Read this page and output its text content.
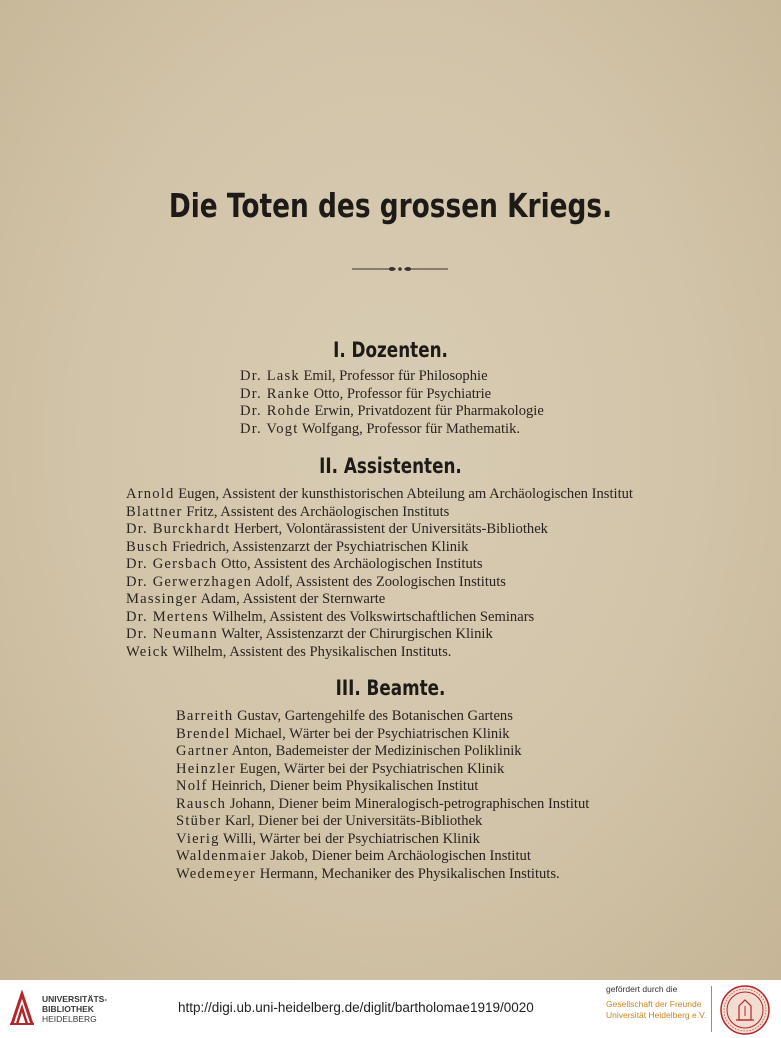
Die Toten des grossen Kriegs.
I. Dozenten.
Dr. Lask Emil, Professor für Philosophie
Dr. Ranke Otto, Professor für Psychiatrie
Dr. Rohde Erwin, Privatdozent für Pharmakologie
Dr. Vogt Wolfgang, Professor für Mathematik.
II. Assistenten.
Arnold Eugen, Assistent der kunsthistorischen Abteilung am Archäologischen Institut
Blattner Fritz, Assistent des Archäologischen Instituts
Dr. Burckhardt Herbert, Volontärassistent der Universitäts-Bibliothek
Busch Friedrich, Assistenzarzt der Psychiatrischen Klinik
Dr. Gersbach Otto, Assistent des Archäologischen Instituts
Dr. Gerwerzhagen Adolf, Assistent des Zoologischen Instituts
Massinger Adam, Assistent der Sternwarte
Dr. Mertens Wilhelm, Assistent des Volkswirtschaftlichen Seminars
Dr. Neumann Walter, Assistenzarzt der Chirurgischen Klinik
Weick Wilhelm, Assistent des Physikalischen Instituts.
III. Beamte.
Barreith Gustav, Gartengehilfe des Botanischen Gartens
Brendel Michael, Wärter bei der Psychiatrischen Klinik
Gartner Anton, Bademeister der Medizinischen Poliklinik
Heinzler Eugen, Wärter bei der Psychiatrischen Klinik
Nolf Heinrich, Diener beim Physikalischen Institut
Rausch Johann, Diener beim Mineralogisch-petrographischen Institut
Stüber Karl, Diener bei der Universitäts-Bibliothek
Vierig Willi, Wärter bei der Psychiatrischen Klinik
Waldenmaier Jakob, Diener beim Archäologischen Institut
Wedemeyer Hermann, Mechaniker des Physikalischen Instituts.
UNIVERSITÄTS-
BIBLIOTHEK
HEIDELBERG
http://digi.ub.uni-heidelberg.de/diglit/bartholomae1919/0020
gefördert durch die
Gesellschaft der Freunde
Universität Heidelberg e.V.
